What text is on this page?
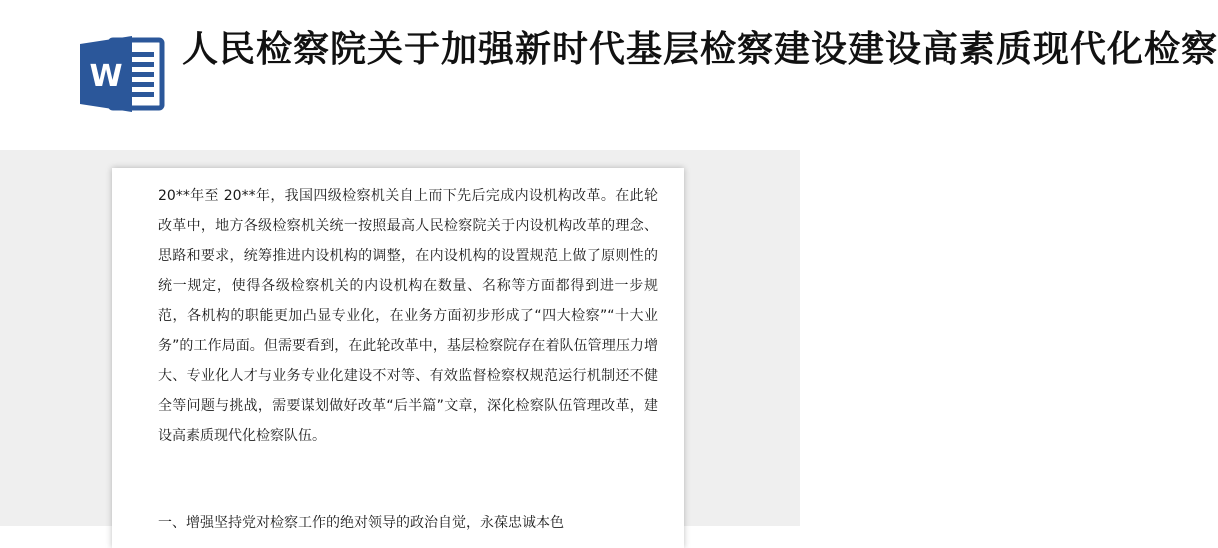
W
人民检察院关于加强新时代基层检察建设建设高素质现代化检察

20**年至 20**年，我国四级检察机关自上而下先后完成内设机构改革。在此轮改革中，地方各级检察机关统一按照最高人民检察院关于内设机构改革的理念、思路和要求，统筹推进内设机构的调整，在内设机构的设置规范上做了原则性的统一规定，使得各级检察机关的内设机构在数量、名称等方面都得到进一步规范，各机构的职能更加凸显专业化，在业务方面初步形成了“四大检察”“十大业务”的工作局面。但需要看到，在此轮改革中，基层检察院存在着队伍管理压力增大、专业化人才与业务专业化建设不对等、有效监督检察权规范运行机制还不健全等问题与挑战，需要谋划做好改革“后半篇”文章，深化检察队伍管理改革，建设高素质现代化检察队伍。

一、增强坚持党对检察工作的绝对领导的政治自觉，永葆忠诚本色
